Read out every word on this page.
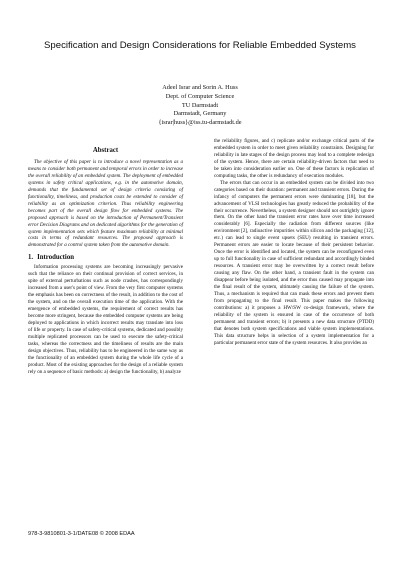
Specification and Design Considerations for Reliable Embedded Systems
Adeel Israr and Sorin A. Huss
Dept. of Computer Science
TU Darmstadt
Darmstadt, Germany
{israr|huss}@iss.tu-darmstadt.de
Abstract

The objective of this paper is to introduce a novel representation as a means to consider both permanent and temporal errors in order to increase the overall reliability of an embedded system. The deployment of embedded systems in safety critical applications, e.g. in the automotive domain, demands that the fundamental set of design criteria consisting of functionality, timeliness, and production costs be extended to consider of reliability as an optimization criterion. Thus reliability engineering becomes part of the overall design flow for embedded systems. The proposed approach is based on the introduction of Permanent/Transient error Decision Diagrams and on dedicated algorithms for the generation of system implementation sets which feature maximum reliability at minimal costs in terms of redundant resources. The proposed approach is demonstrated for a control system taken from the automotive domain.

1. Introduction

Information processing systems are becoming increasingly pervasive such that the reliance on their continual provision of correct services, in spite of external perturbations such as node crashes, has correspondingly increased from a user's point of view. From the very first computer systems the emphasis has been on correctness of the result, in addition to the cost of the system, and on the overall execution time of the application. With the emergence of embedded systems, the requirement of correct results has become more stringent, because the embedded computer systems are being deployed to applications in which incorrect results may translate into loss of life or property. In case of safety-critical systems, dedicated and possibly multiple replicated processors can be used to execute the safety-critical tasks, whereas the correctness and the timeliness of results are the main design objectives. Thus, reliability has to be engineered in the same way as the functionality of an embedded system during the whole life cycle of a product. Most of the existing approaches for the design of a reliable system rely on a sequence of basic methods: a) design the functionality, b) analyze

the reliability figures, and c) replicate and/or exchange critical parts of the embedded system in order to meet given reliability constraints. Designing for reliability in late stages of the design process may lead to a complete redesign of the system. Hence, there are certain reliability-driven factors that need to be taken into consideration earlier on. One of these factors is replication of computing tasks, the other is redundancy of execution modules.

The errors that can occur in an embedded system can be divided into two categories based on their duration: permanent and transient errors. During the infancy of computers the permanent errors were dominating [18], but the advancement of VLSI technologies has greatly reduced the probability of the their occurrence. Nevertheless, a system designer should not outrightly ignore them. On the other hand the transient error rates have over time increased considerably [6]. Especially the radiation from different sources (like environment [2], radioactive impurities within silicon and the packaging [12], etc.) can lead to single event upsets (SEU) resulting in transient errors. Permanent errors are easier to locate because of their persistent behavior. Once the error is identified and located, the system can be reconfigured even up to full functionality in case of sufficient redundant and accordingly binded resources. A transient error may be overwritten by a correct result before causing any flaw. On the other hand, a transient fault in the system can disappear before being isolated, and the error thus caused may propagate into the final result of the system, ultimately causing the failure of the system. Thus, a mechanism is required that can mask these errors and prevent them from propagating to the final result. This paper makes the following contributions: a) it proposes a HW/SW co-design framework, where the reliability of the system is ensured in case of the occurrence of both permanent and transient errors; b) it presents a new data structure (PTDD) that denotes both system specifications and viable system implementations. This data structure helps in selection of a system implementation for a particular permanent error state of the system resources. It also provides an

978-3-9810801-3-1/DATE08 © 2008 EDAA
